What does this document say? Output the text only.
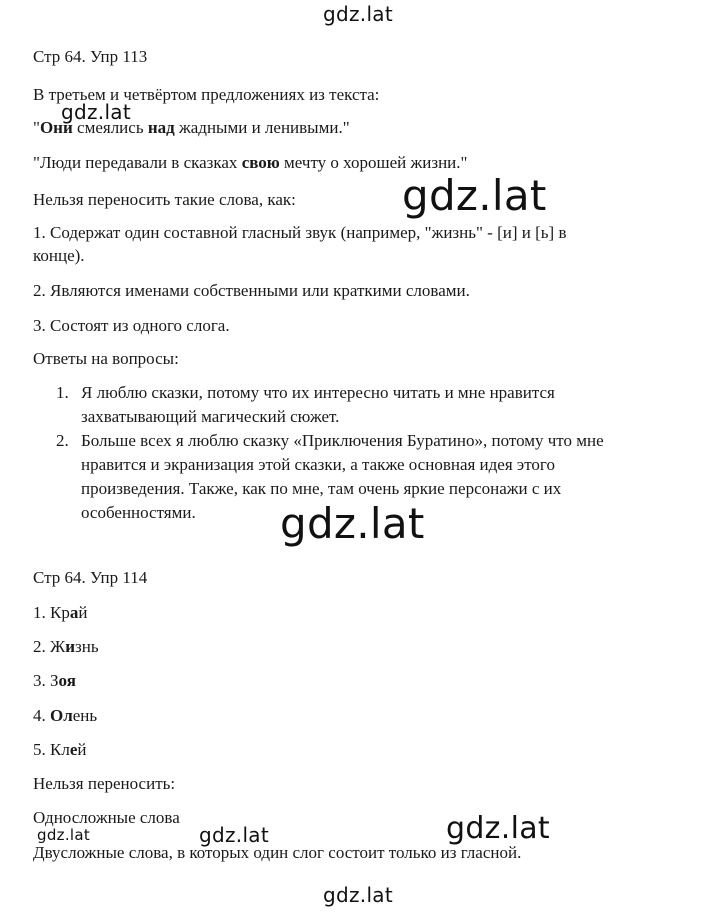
Стр 64. Упр 113
В третьем и четвёртом предложениях из текста:
"Они смеялись над жадными и ленивыми."
"Люди передавали в сказках свою мечту о хорошей жизни."
Нельзя переносить такие слова, как:
1. Содержат один составной гласный звук (например, "жизнь" - [и] и [ь] в
конце).
2. Являются именами собственными или краткими словами.
3. Состоят из одного слога.
Ответы на вопросы:
1. Я люблю сказки, потому что их интересно читать и мне нравится
захватывающий магический сюжет.
2. Больше всех я люблю сказку «Приключения Буратино», потому что мне
нравится и экранизация этой сказки, а также основная идея этого
произведения. Также, как по мне, там очень яркие персонажи с их
особенностями.
Стр 64. Упр 114
1. Край
2. Жизнь
3. Зоя
4. Олень
5. Клей
Нельзя переносить:
Односложные слова
Двусложные слова, в которых один слог состоит только из гласной.
gdz.lat
gdz.lat
gdz.lat
gdz.lat
gdz.lat	gdz.lat	gdz.lat
gdz.lat
